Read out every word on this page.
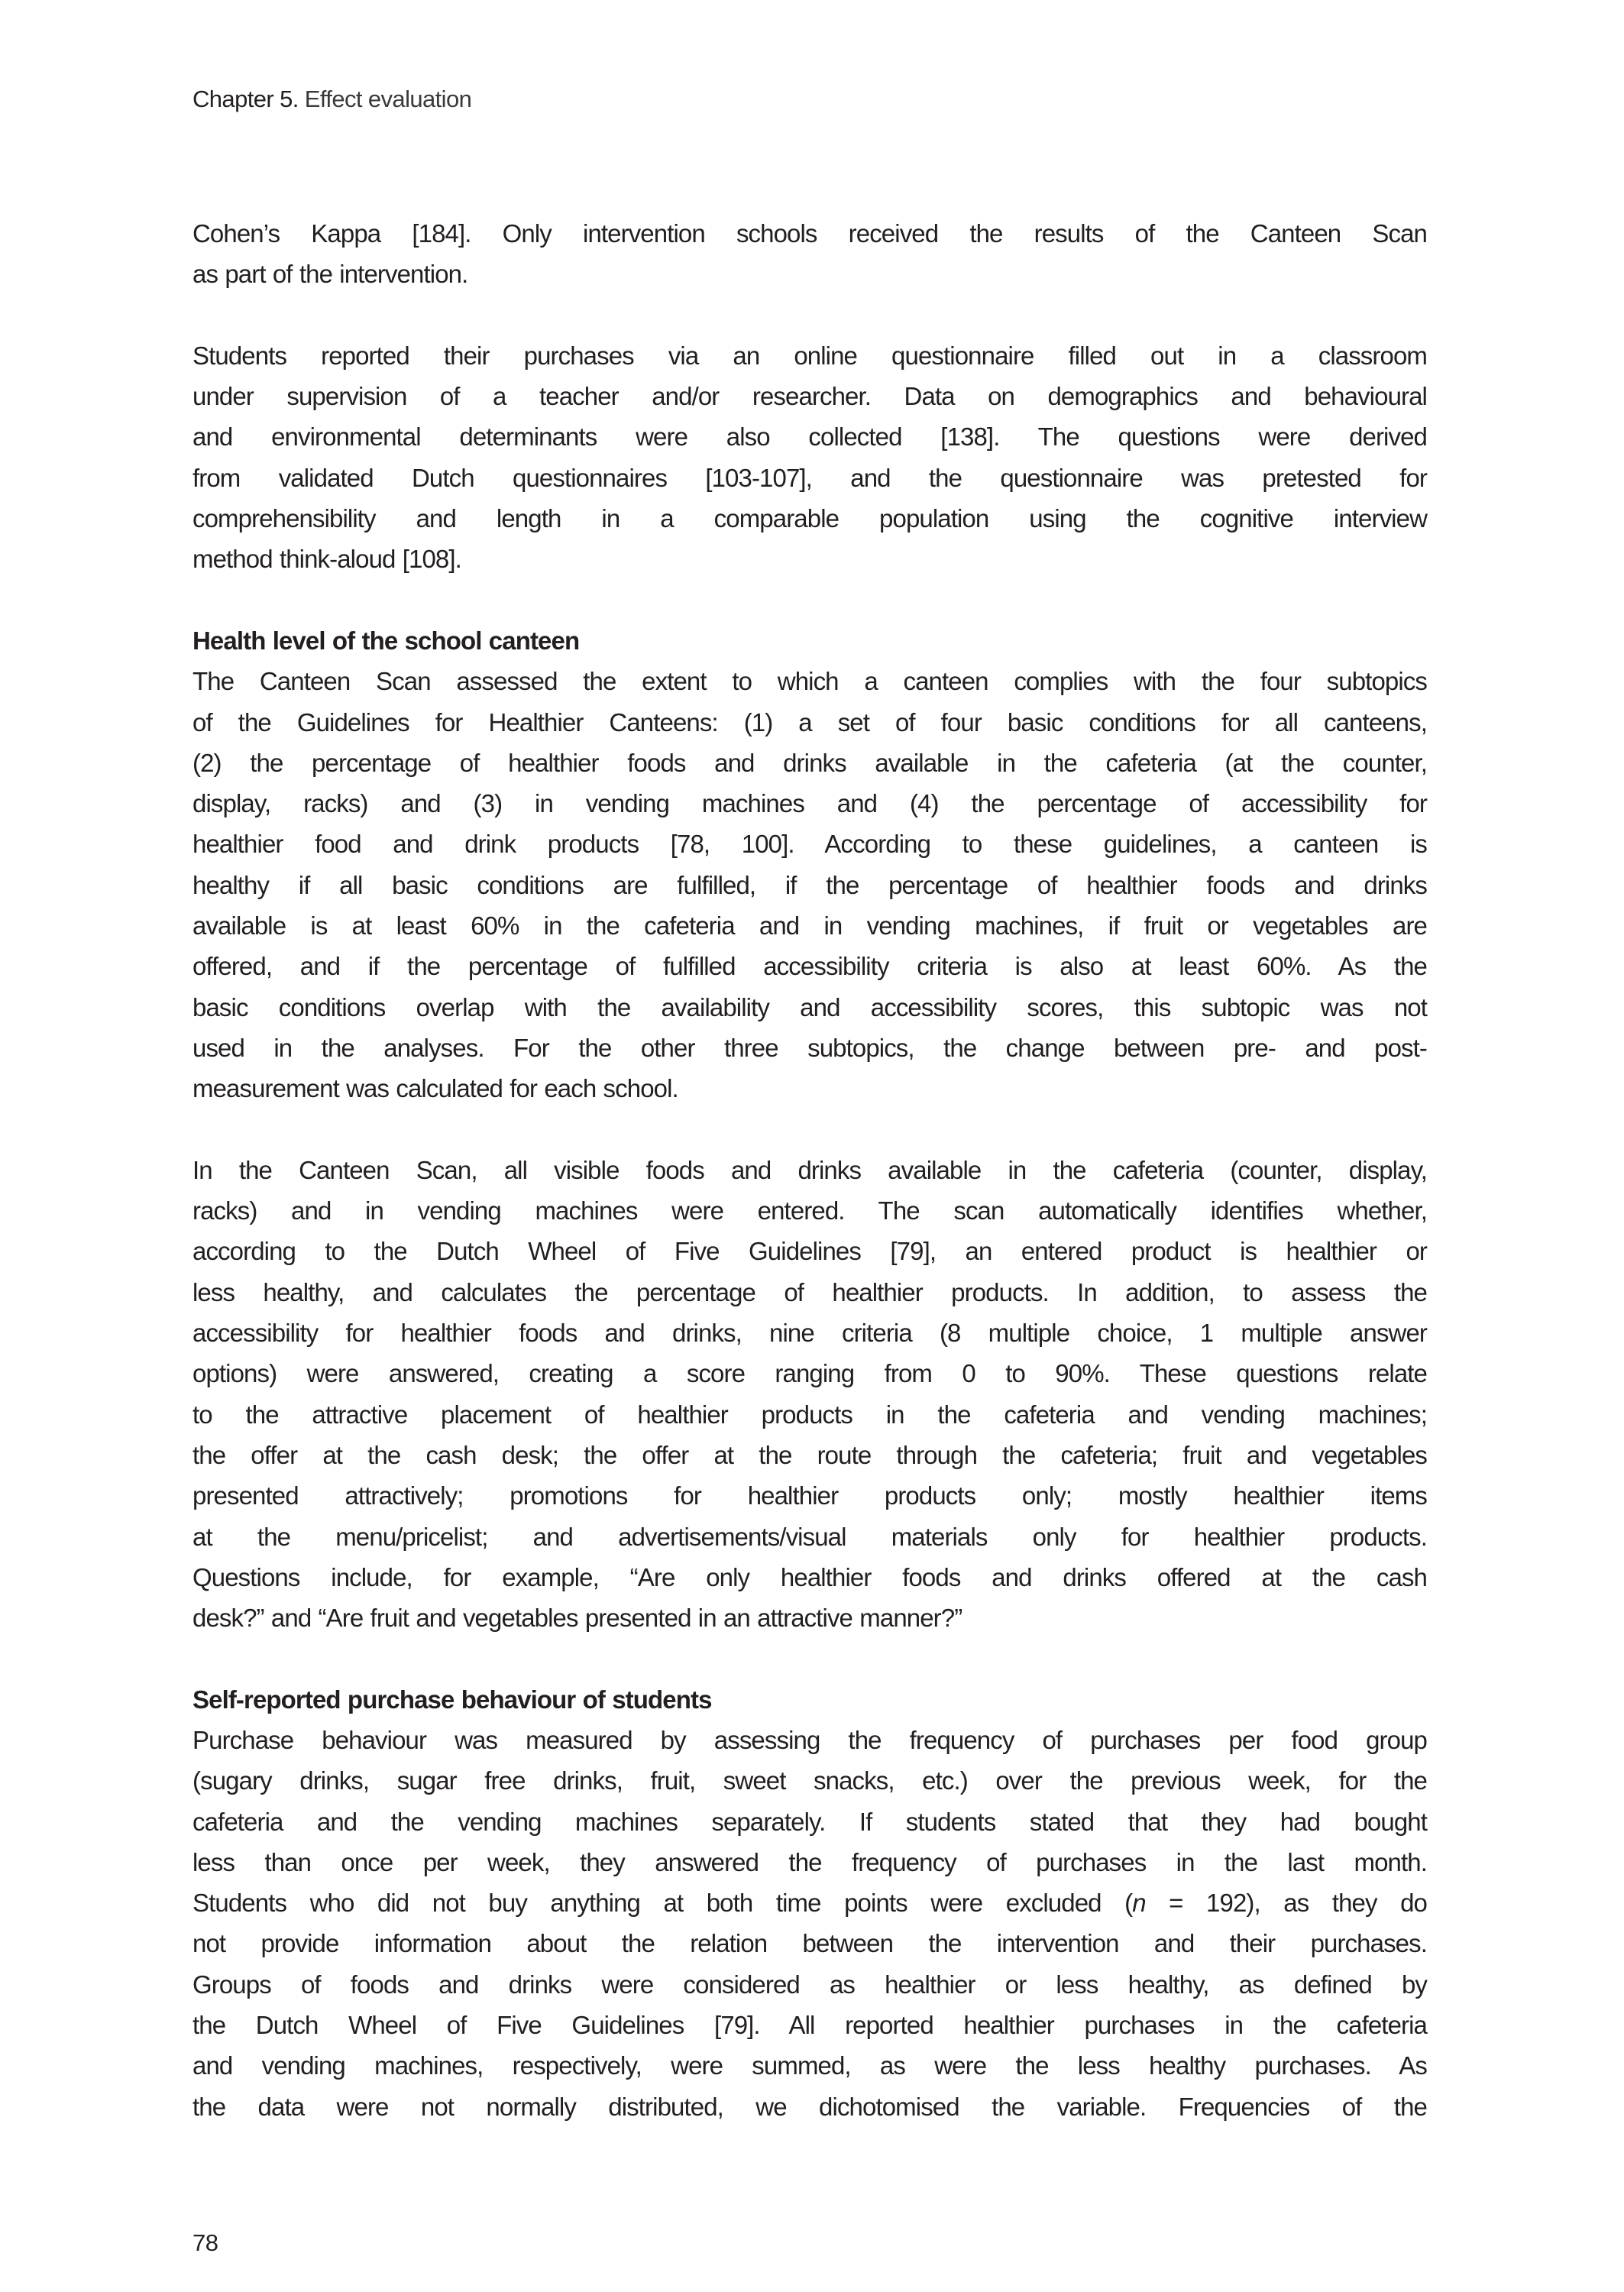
Chapter 5. Effect evaluation
Cohen’s Kappa [184]. Only intervention schools received the results of the Canteen Scan
as part of the intervention.
Students reported their purchases via an online questionnaire filled out in a classroom
under supervision of a teacher and/or researcher. Data on demographics and behavioural
and environmental determinants were also collected [138]. The questions were derived
from validated Dutch questionnaires [103-107], and the questionnaire was pretested for
comprehensibility and length in a comparable population using the cognitive interview
method think-aloud [108].
Health level of the school canteen
The Canteen Scan assessed the extent to which a canteen complies with the four subtopics
of the Guidelines for Healthier Canteens: (1) a set of four basic conditions for all canteens,
(2) the percentage of healthier foods and drinks available in the cafeteria (at the counter,
display, racks) and (3) in vending machines and (4) the percentage of accessibility for
healthier food and drink products [78, 100]. According to these guidelines, a canteen is
healthy if all basic conditions are fulfilled, if the percentage of healthier foods and drinks
available is at least 60% in the cafeteria and in vending machines, if fruit or vegetables are
offered, and if the percentage of fulfilled accessibility criteria is also at least 60%. As the
basic conditions overlap with the availability and accessibility scores, this subtopic was not
used in the analyses. For the other three subtopics, the change between pre- and post-
measurement was calculated for each school.
In the Canteen Scan, all visible foods and drinks available in the cafeteria (counter, display,
racks) and in vending machines were entered. The scan automatically identifies whether,
according to the Dutch Wheel of Five Guidelines [79], an entered product is healthier or
less healthy, and calculates the percentage of healthier products. In addition, to assess the
accessibility for healthier foods and drinks, nine criteria (8 multiple choice, 1 multiple answer
options) were answered, creating a score ranging from 0 to 90%. These questions relate
to the attractive placement of healthier products in the cafeteria and vending machines;
the offer at the cash desk; the offer at the route through the cafeteria; fruit and vegetables
presented attractively; promotions for healthier products only; mostly healthier items
at the menu/pricelist; and advertisements/visual materials only for healthier products.
Questions include, for example, “Are only healthier foods and drinks offered at the cash
desk?” and “Are fruit and vegetables presented in an attractive manner?”
Self-reported purchase behaviour of students
Purchase behaviour was measured by assessing the frequency of purchases per food group
(sugary drinks, sugar free drinks, fruit, sweet snacks, etc.) over the previous week, for the
cafeteria and the vending machines separately. If students stated that they had bought
less than once per week, they answered the frequency of purchases in the last month.
Students who did not buy anything at both time points were excluded (n = 192), as they do
not provide information about the relation between the intervention and their purchases.
Groups of foods and drinks were considered as healthier or less healthy, as defined by
the Dutch Wheel of Five Guidelines [79]. All reported healthier purchases in the cafeteria
and vending machines, respectively, were summed, as were the less healthy purchases. As
the data were not normally distributed, we dichotomised the variable. Frequencies of the
78
